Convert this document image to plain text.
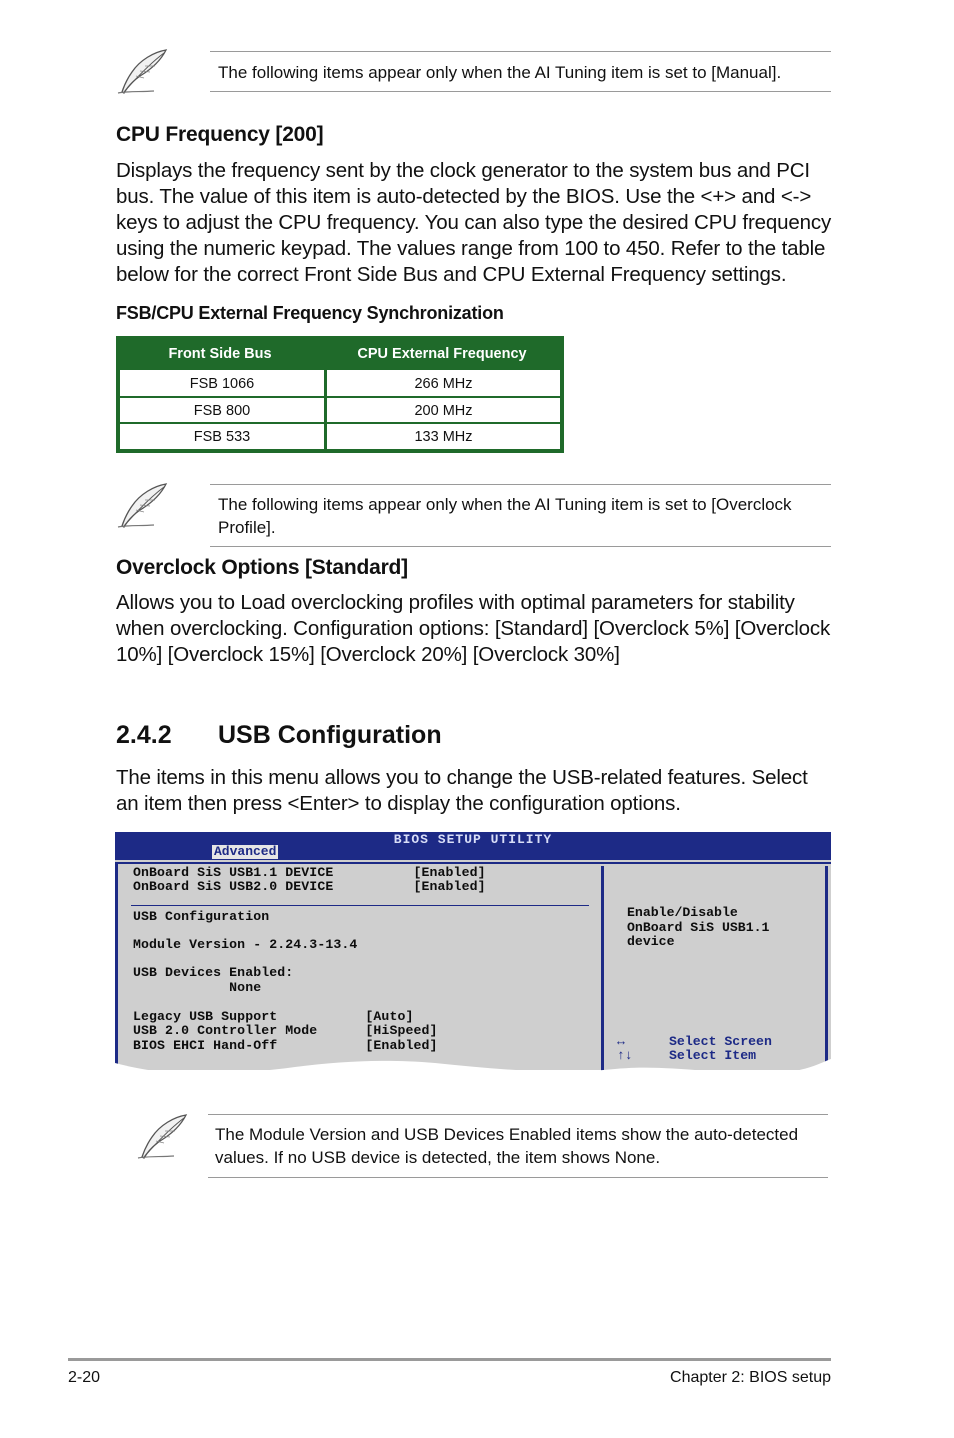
The following items appear only when the AI Tuning item is set to [Manual].
CPU Frequency [200]
Displays the frequency sent by the clock generator to the system bus and PCI bus. The value of this item is auto-detected by the BIOS. Use the <+> and <-> keys to adjust the CPU frequency. You can also type the desired CPU frequency using the numeric keypad. The values range from 100 to 450. Refer to the table below for the correct Front Side Bus and CPU External Frequency settings.
FSB/CPU External Frequency Synchronization
Front Side Bus	CPU External Frequency
FSB 1066	266 MHz
FSB 800	200 MHz
FSB 533	133 MHz
The following items appear only when the AI Tuning item is set to [Overclock Profile].
Overclock Options [Standard]
Allows you to Load overclocking profiles with optimal parameters for stability when overclocking. Configuration options: [Standard] [Overclock 5%] [Overclock 10%] [Overclock 15%] [Overclock 20%] [Overclock 30%]
2.4.2 USB Configuration
The items in this menu allows you to change the USB-related features. Select an item then press <Enter> to display the configuration options.
BIOS SETUP UTILITY
Advanced
OnBoard SiS USB1.1 DEVICE          [Enabled]
OnBoard SiS USB2.0 DEVICE          [Enabled]
USB Configuration
Module Version - 2.24.3-13.4
USB Devices Enabled:
None
Legacy USB Support           [Auto]
USB 2.0 Controller Mode      [HiSpeed]
BIOS EHCI Hand-Off           [Enabled]
Enable/Disable
OnBoard SiS USB1.1
device
↔	Select Screen
↑↓	Select Item
The Module Version and USB Devices Enabled items show the auto-detected values. If no USB device is detected, the item shows None.
2-20	Chapter 2: BIOS setup
